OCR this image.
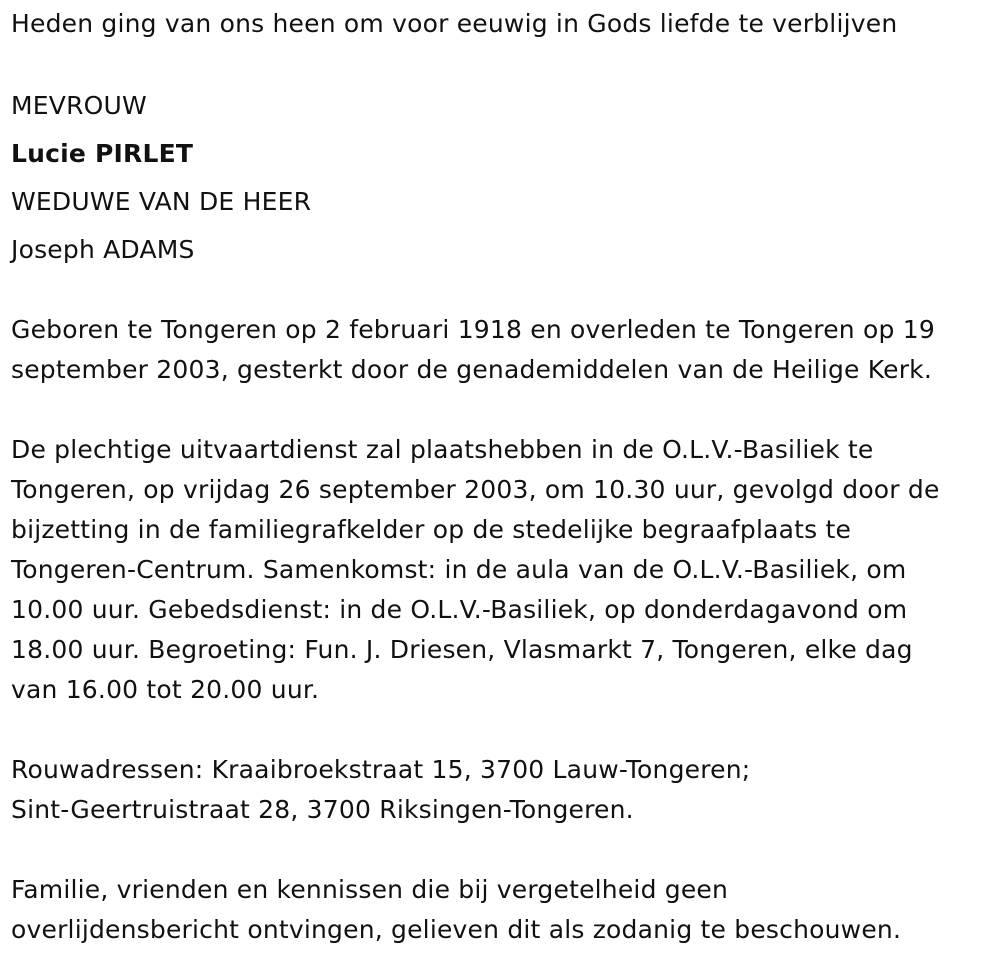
Heden ging van ons heen om voor eeuwig in Gods liefde te verblijven
MEVROUW
Lucie PIRLET
WEDUWE VAN DE HEER
Joseph ADAMS
Geboren te Tongeren op 2 februari 1918 en overleden te Tongeren op 19
september 2003, gesterkt door de genademiddelen van de Heilige Kerk.
De plechtige uitvaartdienst zal plaatshebben in de O.L.V.-Basiliek te
Tongeren, op vrijdag 26 september 2003, om 10.30 uur, gevolgd door de
bijzetting in de familiegrafkelder op de stedelijke begraafplaats te
Tongeren-Centrum. Samenkomst: in de aula van de O.L.V.-Basiliek, om
10.00 uur. Gebedsdienst: in de O.L.V.-Basiliek, op donderdagavond om
18.00 uur. Begroeting: Fun. J. Driesen, Vlasmarkt 7, Tongeren, elke dag
van 16.00 tot 20.00 uur.
Rouwadressen: Kraaibroekstraat 15, 3700 Lauw-Tongeren;
Sint-Geertruistraat 28, 3700 Riksingen-Tongeren.
Familie, vrienden en kennissen die bij vergetelheid geen
overlijdensbericht ontvingen, gelieven dit als zodanig te beschouwen.
